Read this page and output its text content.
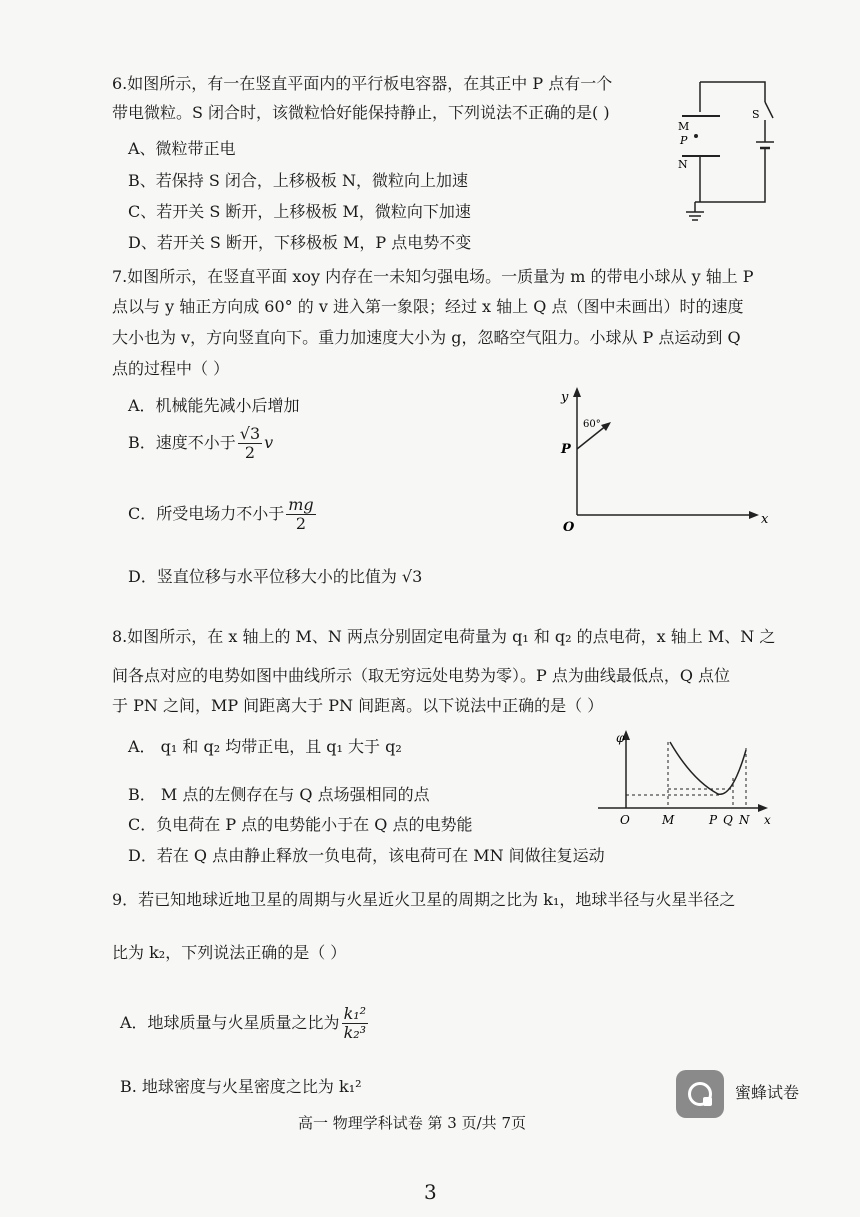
6.如图所示，有一在竖直平面内的平行板电容器，在其正中 P 点有一个
带电微粒。S 闭合时，该微粒恰好能保持静止，下列说法不正确的是( )
A、微粒带正电
B、若保持 S 闭合，上移极板 N，微粒向上加速
C、若开关 S 断开，上移极板 M，微粒向下加速
D、若开关 S 断开，下移极板 M，P 点电势不变
M
P
N
S
7.如图所示，在竖直平面 xoy 内存在一未知匀强电场。一质量为 m 的带电小球从 y 轴上 P
点以与 y 轴正方向成 60° 的 v 进入第一象限；经过 x 轴上 Q 点（图中未画出）时的速度
大小也为 v，方向竖直向下。重力加速度大小为 g，忽略空气阻力。小球从 P 点运动到 Q
点的过程中（ ）
A．机械能先减小后增加
B．速度不小于 $\frac{√3}{2}$ v
C．所受电场力不小于 $\frac{mg}{2}$
D．竖直位移与水平位移大小的比值为 √3
y
x
O
P
60°
8.如图所示，在 x 轴上的 M、N 两点分别固定电荷量为 q₁ 和 q₂ 的点电荷，x 轴上 M、N 之
间各点对应的电势如图中曲线所示（取无穷远处电势为零）。P 点为曲线最低点，Q 点位
于 PN 之间，MP 间距离大于 PN 间距离。以下说法中正确的是（ ）
A． q₁ 和 q₂ 均带正电，且 q₁ 大于 q₂
B． M 点的左侧存在与 Q 点场强相同的点
C．负电荷在 P 点的电势能小于在 Q 点的电势能
D．若在 Q 点由静止释放一负电荷，该电荷可在 MN 间做往复运动
φ
O	M	P Q N x
9．若已知地球近地卫星的周期与火星近火卫星的周期之比为 k₁，地球半径与火星半径之
比为 k₂，下列说法正确的是（ ）
A．地球质量与火星质量之比为 $\frac{\text{k₁²}}{\text{k₂³}}$
B. 地球密度与火星密度之比为 k₁²
高一 物理学科试卷 第 3 页/共 7页
蜜蜂试卷
3
